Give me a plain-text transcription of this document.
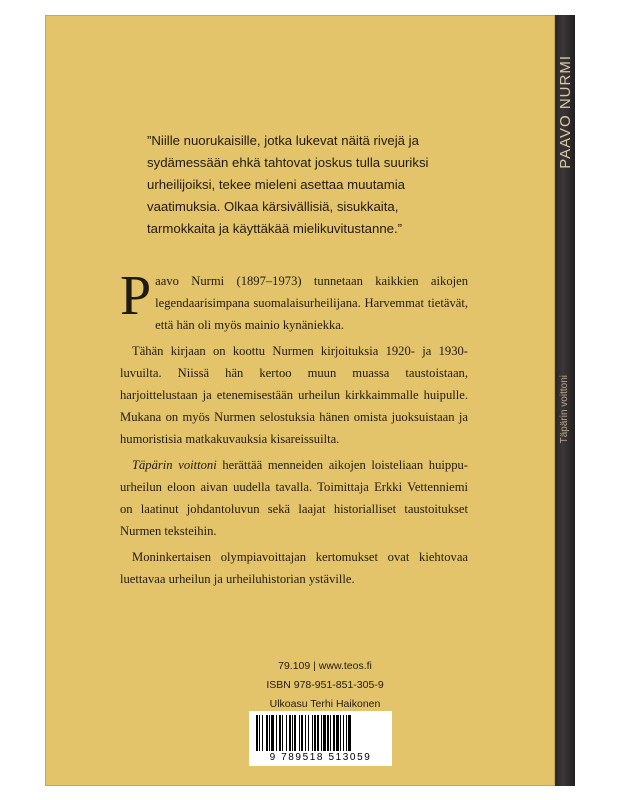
PAAVO NURMI
Täpärin voittoni
”Niille nuorukaisille, jotka lukevat näitä rivejä ja
sydämessään ehkä tahtovat joskus tulla suuriksi
urheilijoiksi, tekee mieleni asettaa muutamia
vaatimuksia. Olkaa kärsivällisiä, sisukkaita,
tarmokkaita ja käyttäkää mielikuvitustanne.”

Paavo Nurmi (1897–1973) tunnetaan kaikkien aikojen legendaarisimpana suomalaisurheilijana. Harvemmat tietävät, että hän oli myös mainio kynäniekka.

Tähän kirjaan on koottu Nurmen kirjoituksia 1920- ja 1930-luvuilta. Niissä hän kertoo muun muassa taustoistaan, harjoittelustaan ja etenemisestään urheilun kirkkaimmalle huipulle. Mukana on myös Nurmen selostuksia hänen omista juoksuistaan ja humoristisia matkakuvauksia kisareissuilta.

Täpärin voittoni herättää menneiden aikojen loisteliaan huippu-urheilun eloon aivan uudella tavalla. Toimittaja Erkki Vettenniemi on laatinut johdantoluvun sekä laajat historialliset taustoitukset Nurmen teksteihin.

Moninkertaisen olympiavoittajan kertomukset ovat kiehtovaa luettavaa urheilun ja urheiluhistorian ystäville.

79.109 | www.teos.fi
ISBN 978-951-851-305-9
Ulkoasu Terhi Haikonen
9 789518 513059
